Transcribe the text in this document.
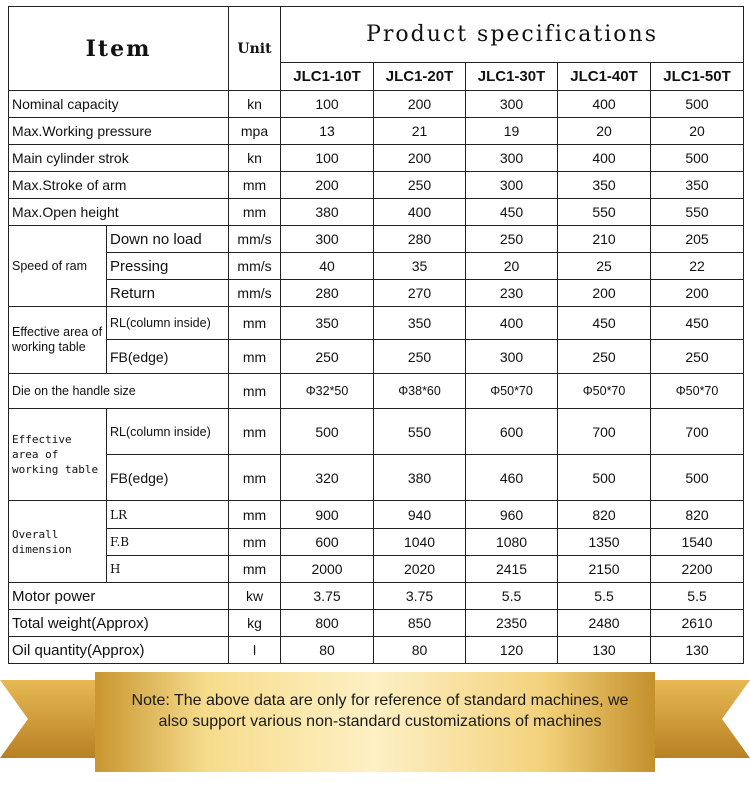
Item		Unit	Product specifications				
			JLC1-10T	JLC1-20T	JLC1-30T	JLC1-40T	JLC1-50T
Nominal capacity		kn	100	200	300	400	500
Max.Working pressure		mpa	13	21	19	20	20
Main cylinder strok		kn	100	200	300	400	500
Max.Stroke of arm		mm	200	250	300	350	350
Max.Open height		mm	380	400	450	550	550
Speed of ram	Down no load	mm/s	300	280	250	210	205
	Pressing	mm/s	40	35	20	25	22
	Return	mm/s	280	270	230	200	200
Effective area of working table	RL(column inside)	mm	350	350	400	450	450
	FB(edge)	mm	250	250	300	250	250
Die on the handle size		mm	Φ32*50	Φ38*60	Φ50*70	Φ50*70	Φ50*70
Effective area of working table	RL(column inside)	mm	500	550	600	700	700
	FB(edge)	mm	320	380	460	500	500
Overall dimension	LR	mm	900	940	960	820	820
	F.B	mm	600	1040	1080	1350	1540
	H	mm	2000	2020	2415	2150	2200
Motor power		kw	3.75	3.75	5.5	5.5	5.5
Total weight(Approx)		kg	800	850	2350	2480	2610
Oil quantity(Approx)		l	80	80	120	130	130
Note: The above data are only for reference of standard machines, we
also support various non-standard customizations of machines
